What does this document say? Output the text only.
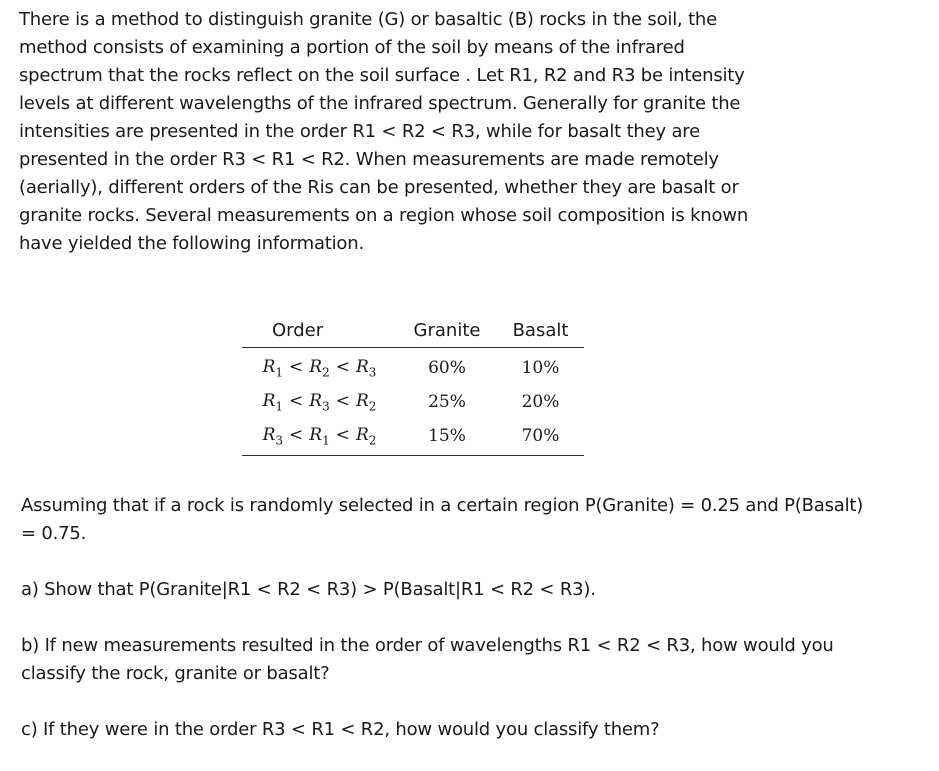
There is a method to distinguish granite (G) or basaltic (B) rocks in the soil, the
method consists of examining a portion of the soil by means of the infrared
spectrum that the rocks reflect on the soil surface . Let R1, R2 and R3 be intensity
levels at different wavelengths of the infrared spectrum. Generally for granite the
intensities are presented in the order R1 < R2 < R3, while for basalt they are
presented in the order R3 < R1 < R2. When measurements are made remotely
(aerially), different orders of the Ris can be presented, whether they are basalt or
granite rocks. Several measurements on a region whose soil composition is known
have yielded the following information.
Order	Granite	Basalt
$R_1 < R_2 < R_3$	60%	10%
$R_1 < R_3 < R_2$	25%	20%
$R_3 < R_1 < R_2$	15%	70%
Assuming that if a rock is randomly selected in a certain region P(Granite) = 0.25 and P(Basalt)
= 0.75.
a) Show that P(Granite|R1 < R2 < R3) > P(Basalt|R1 < R2 < R3).
b) If new measurements resulted in the order of wavelengths R1 < R2 < R3, how would you
classify the rock, granite or basalt?
c) If they were in the order R3 < R1 < R2, how would you classify them?
